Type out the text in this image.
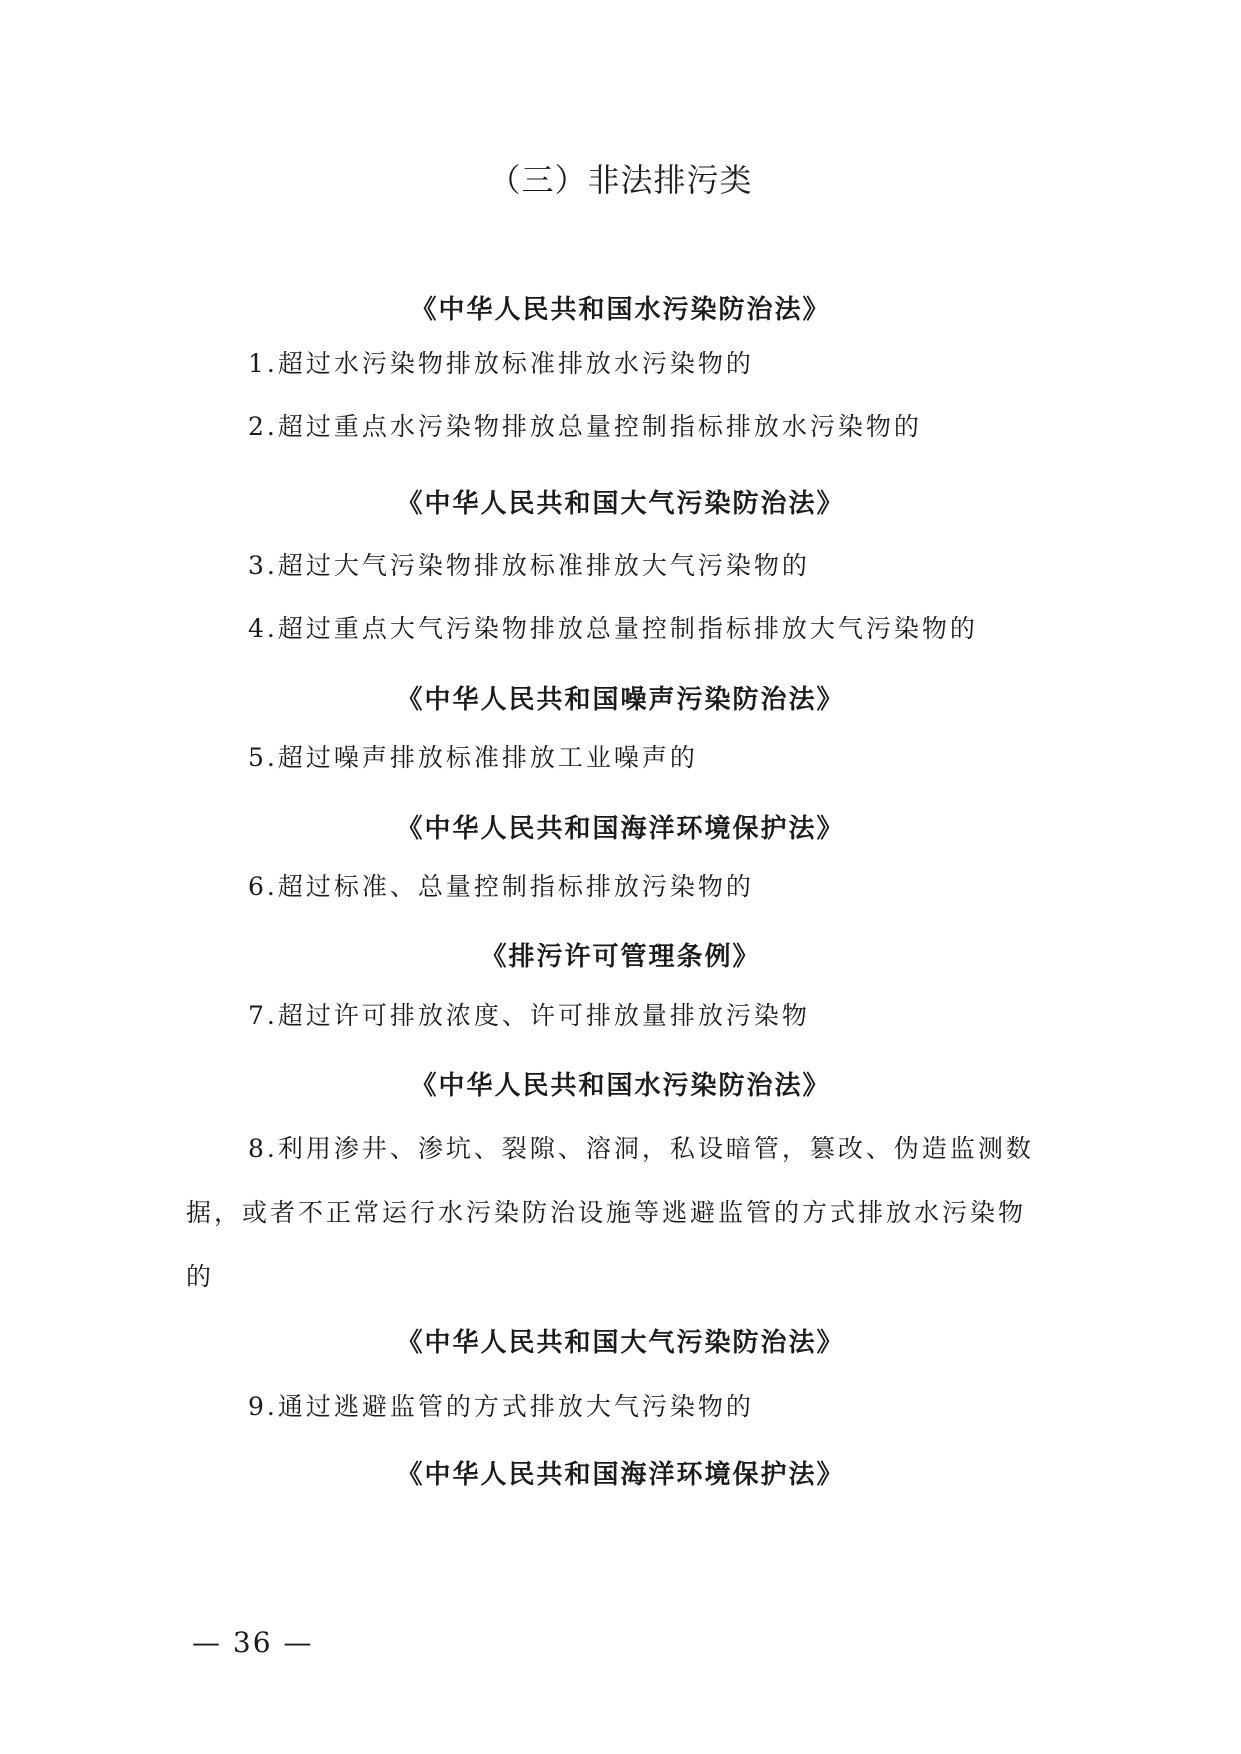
（三）非法排污类
《中华人民共和国水污染防治法》
1.超过水污染物排放标准排放水污染物的
2.超过重点水污染物排放总量控制指标排放水污染物的
《中华人民共和国大气污染防治法》
3.超过大气污染物排放标准排放大气污染物的
4.超过重点大气污染物排放总量控制指标排放大气污染物的
《中华人民共和国噪声污染防治法》
5.超过噪声排放标准排放工业噪声的
《中华人民共和国海洋环境保护法》
6.超过标准、总量控制指标排放污染物的
《排污许可管理条例》
7.超过许可排放浓度、许可排放量排放污染物
《中华人民共和国水污染防治法》
8.利用渗井、渗坑、裂隙、溶洞，私设暗管，篡改、伪造监测数
据，或者不正常运行水污染防治设施等逃避监管的方式排放水污染物
的
《中华人民共和国大气污染防治法》
9.通过逃避监管的方式排放大气污染物的
《中华人民共和国海洋环境保护法》
— 36 —
